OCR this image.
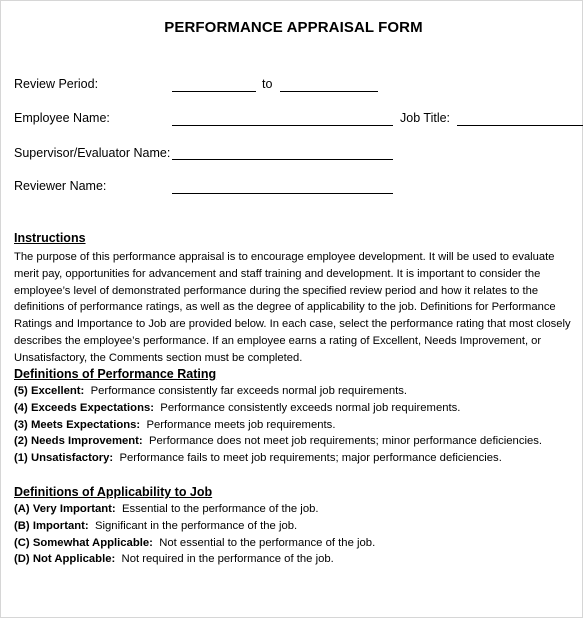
PERFORMANCE APPRAISAL FORM
Review Period:	to
Employee Name:	Job Title:
Supervisor/Evaluator Name:
Reviewer Name:
Instructions
The purpose of this performance appraisal is to encourage employee development. It will be used to evaluate merit pay, opportunities for advancement and staff training and development. It is important to consider the employee’s level of demonstrated performance during the specified review period and how it relates to the definitions of performance ratings, as well as the degree of applicability to the job. Definitions for Performance Ratings and Importance to Job are provided below. In each case, select the performance rating that most closely describes the employee’s performance. If an employee earns a rating of Excellent, Needs Improvement, or Unsatisfactory, the Comments section must be completed.
Definitions of Performance Rating
(5) Excellent: Performance consistently far exceeds normal job requirements.
(4) Exceeds Expectations: Performance consistently exceeds normal job requirements.
(3) Meets Expectations: Performance meets job requirements.
(2) Needs Improvement: Performance does not meet job requirements; minor performance deficiencies.
(1) Unsatisfactory: Performance fails to meet job requirements; major performance deficiencies.
Definitions of Applicability to Job
(A) Very Important: Essential to the performance of the job.
(B) Important: Significant in the performance of the job.
(C) Somewhat Applicable: Not essential to the performance of the job.
(D) Not Applicable: Not required in the performance of the job.
